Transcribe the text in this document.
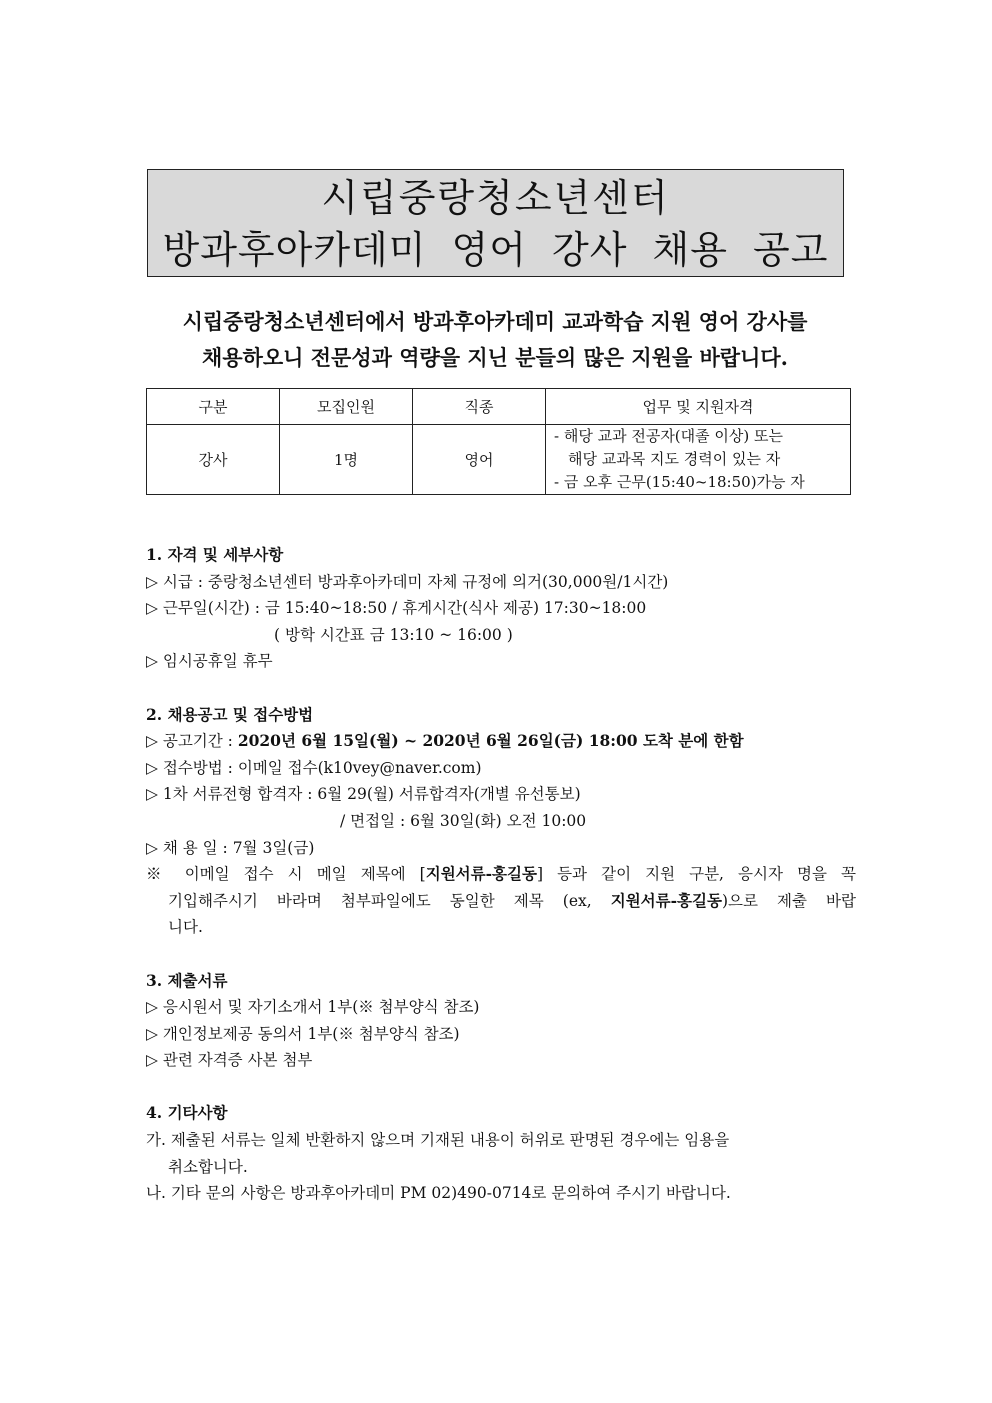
시립중랑청소년센터
방과후아카데미 영어 강사 채용 공고
시립중랑청소년센터에서 방과후아카데미 교과학습 지원 영어 강사를
채용하오니 전문성과 역량을 지닌 분들의 많은 지원을 바랍니다.
구분	모집인원	직종	업무 및 지원자격
강사	1명	영어	- 해당 교과 전공자(대졸 이상) 또는
해당 교과목 지도 경력이 있는 자
- 금 오후 근무(15:40~18:50)가능 자
1. 자격 및 세부사항
▷ 시급 : 중랑청소년센터 방과후아카데미 자체 규정에 의거(30,000원/1시간)
▷ 근무일(시간) : 금 15:40~18:50 / 휴게시간(식사 제공) 17:30~18:00
( 방학 시간표 금 13:10 ~ 16:00 )
▷ 임시공휴일 휴무
2. 채용공고 및 접수방법
▷ 공고기간 : 2020년 6월 15일(월) ~ 2020년 6월 26일(금) 18:00 도착 분에 한함
▷ 접수방법 : 이메일 접수(k10vey@naver.com)
▷ 1차 서류전형 합격자 : 6월 29(월) 서류합격자(개별 유선통보)
/ 면접일 : 6월 30일(화) 오전 10:00
▷ 채 용 일 : 7월 3일(금)
※ 이메일 접수 시 메일 제목에 [지원서류-홍길동] 등과 같이 지원 구분, 응시자 명을 꼭
기입해주시기 바라며 첨부파일에도 동일한 제목 (ex, 지원서류-홍길동)으로 제출 바랍
니다.
3. 제출서류
▷ 응시원서 및 자기소개서 1부(※ 첨부양식 참조)
▷ 개인정보제공 동의서 1부(※ 첨부양식 참조)
▷ 관련 자격증 사본 첨부
4. 기타사항
가. 제출된 서류는 일체 반환하지 않으며 기재된 내용이 허위로 판명된 경우에는 임용을
취소합니다.
나. 기타 문의 사항은 방과후아카데미 PM 02)490-0714로 문의하여 주시기 바랍니다.
